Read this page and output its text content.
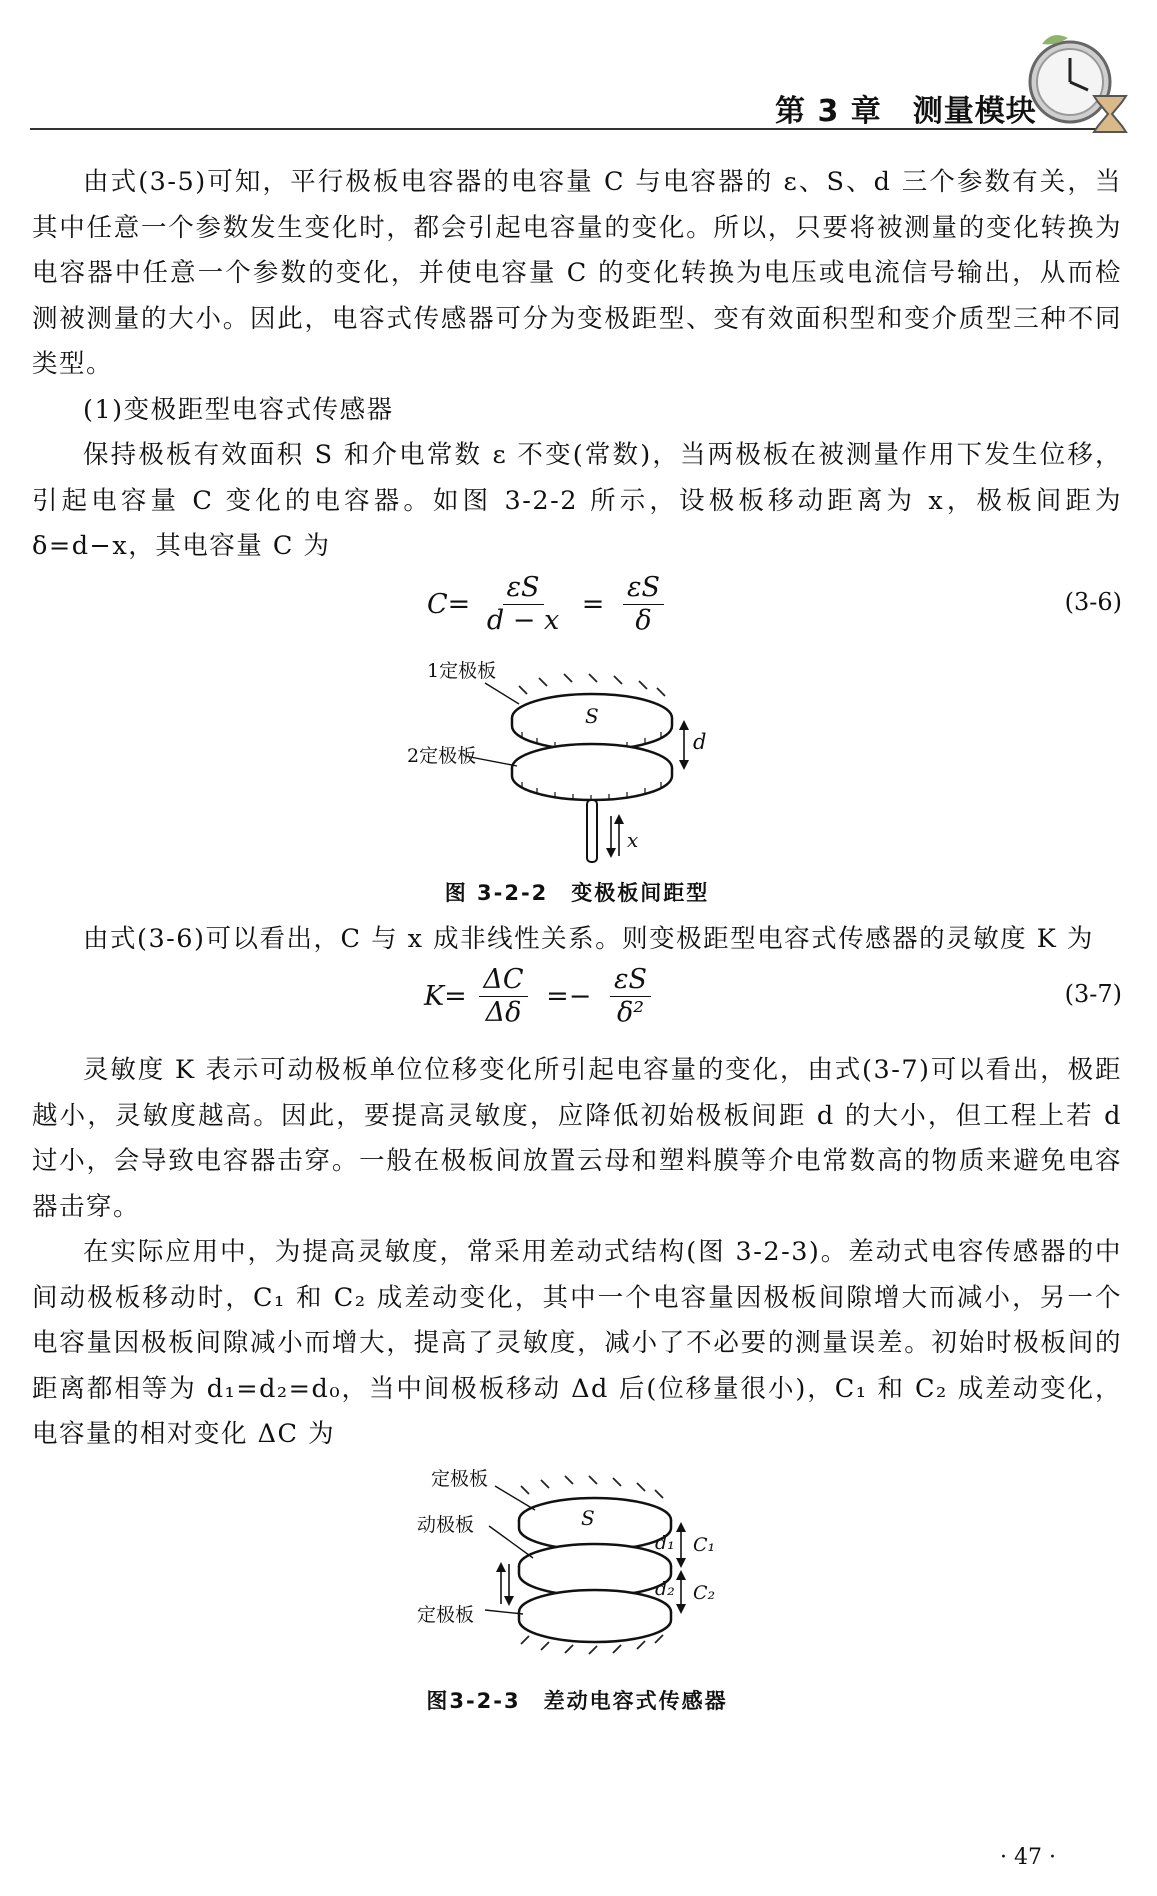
第 3 章　测量模块

由式(3-5)可知，平行极板电容器的电容量 C 与电容器的 ε、S、d 三个参数有关，当其中任意一个参数发生变化时，都会引起电容量的变化。所以，只要将被测量的变化转换为电容器中任意一个参数的变化，并使电容量 C 的变化转换为电压或电流信号输出，从而检测被测量的大小。因此，电容式传感器可分为变极距型、变有效面积型和变介质型三种不同类型。

(1)变极距型电容式传感器

保持极板有效面积 S 和介电常数 ε 不变(常数)，当两极板在被测量作用下发生位移，引起电容量 C 变化的电容器。如图 3-2-2 所示，设极板移动距离为 x，极板间距为 δ=d−x，其电容量 C 为

$C= \frac{\varepsilon S}{d - x} = \frac{\varepsilon S}{\delta}$	(3-6)
1定极板
2定极板
S
d
x
图 3-2-2　变极板间距型

由式(3-6)可以看出，C 与 x 成非线性关系。则变极距型电容式传感器的灵敏度 K 为

$K= \frac{\Delta C}{\Delta\delta} =- \frac{\varepsilon S}{\text{δ²}}$	(3-7)

灵敏度 K 表示可动极板单位位移变化所引起电容量的变化，由式(3-7)可以看出，极距越小，灵敏度越高。因此，要提高灵敏度，应降低初始极板间距 d 的大小，但工程上若 d 过小，会导致电容器击穿。一般在极板间放置云母和塑料膜等介电常数高的物质来避免电容器击穿。

在实际应用中，为提高灵敏度，常采用差动式结构(图 3-2-3)。差动式电容传感器的中间动极板移动时，C₁ 和 C₂ 成差动变化，其中一个电容量因极板间隙增大而减小，另一个电容量因极板间隙减小而增大，提高了灵敏度，减小了不必要的测量误差。初始时极板间的距离都相等为 d₁=d₂=d₀，当中间极板移动 Δd 后(位移量很小)，C₁ 和 C₂ 成差动变化，电容量的相对变化 ΔC 为

定极板
动极板
定极板
S
d₁
d₂
C₁
C₂
图3-2-3　差动电容式传感器
· 47 ·
